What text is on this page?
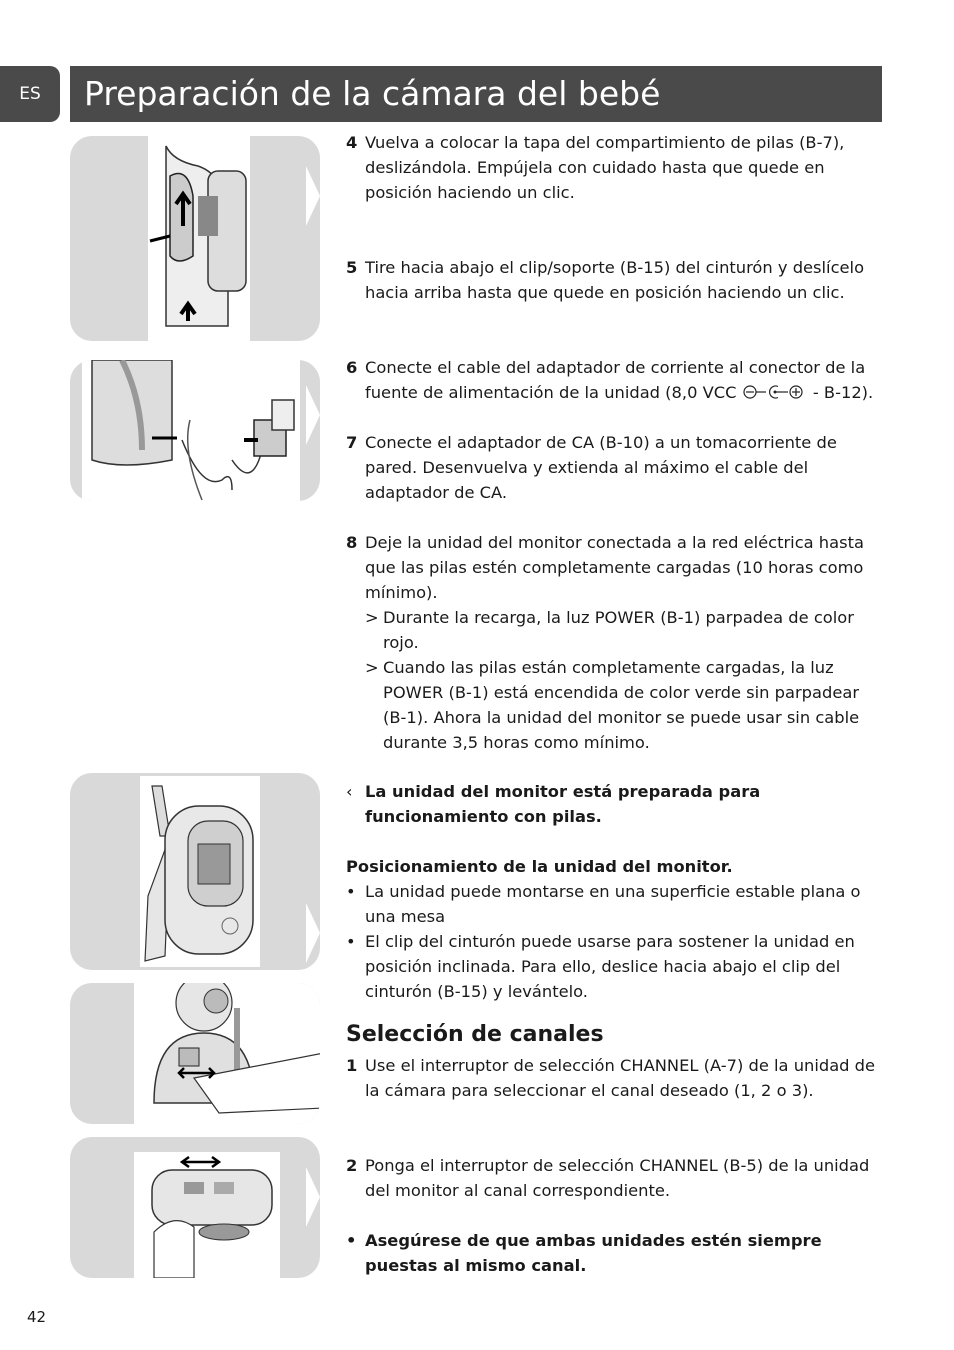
ES	Preparación de la cámara del bebé
4 Vuelva a colocar la tapa del compartimiento de pilas (B-7), deslizándola. Empújela con cuidado hasta que quede en posición haciendo un clic.
5 Tire hacia abajo el clip/soporte (B-15) del cinturón y deslícelo hacia arriba hasta que quede en posición haciendo un clic.
6 Conecte el cable del adaptador de corriente al conector de la fuente de alimentación de la unidad (8,0 VCC	- B-12).
7 Conecte el adaptador de CA (B-10) a un tomacorriente de pared. Desenvuelva y extienda al máximo el cable del adaptador de CA.
8 Deje la unidad del monitor conectada a la red eléctrica hasta que las pilas estén completamente cargadas (10 horas como mínimo).
> Durante la recarga, la luz POWER (B-1) parpadea de color rojo.
> Cuando las pilas están completamente cargadas, la luz POWER (B-1) está encendida de color verde sin parpadear (B-1). Ahora la unidad del monitor se puede usar sin cable durante 3,5 horas como mínimo.
‹ La unidad del monitor está preparada para funcionamiento con pilas.
Posicionamiento de la unidad del monitor.
• La unidad puede montarse en una superficie estable plana o una mesa
• El clip del cinturón puede usarse para sostener la unidad en posición inclinada. Para ello, deslice hacia abajo el clip del cinturón (B-15) y levántelo.
Selección de canales
1 Use el interruptor de selección CHANNEL (A-7) de la unidad de la cámara para seleccionar el canal deseado (1, 2 o 3).
2 Ponga el interruptor de selección CHANNEL (B-5) de la unidad del monitor al canal correspondiente.
• Asegúrese de que ambas unidades estén siempre puestas al mismo canal.
42
